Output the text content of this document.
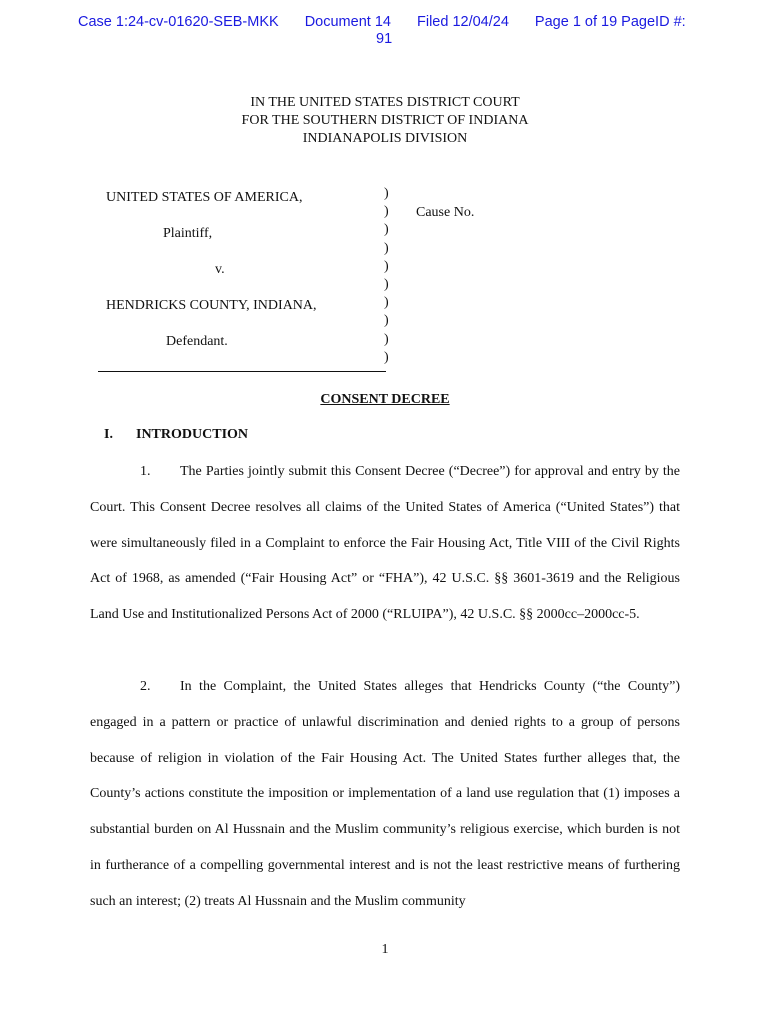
Case 1:24-cv-01620-SEB-MKK Document 14 Filed 12/04/24 Page 1 of 19 PageID #:
91
IN THE UNITED STATES DISTRICT COURT
FOR THE SOUTHERN DISTRICT OF INDIANA
INDIANAPOLIS DIVISION
UNITED STATES OF AMERICA,
Plaintiff,
v.
HENDRICKS COUNTY, INDIANA,
Defendant.
)
)
)
)
)
)
)
)
)
)
Cause No.
CONSENT DECREE
I. INTRODUCTION
1. The Parties jointly submit this Consent Decree (“Decree”) for approval and entry by the Court. This Consent Decree resolves all claims of the United States of America (“United States”) that were simultaneously filed in a Complaint to enforce the Fair Housing Act, Title VIII of the Civil Rights Act of 1968, as amended (“Fair Housing Act” or “FHA”), 42 U.S.C. §§ 3601-3619 and the Religious Land Use and Institutionalized Persons Act of 2000 (“RLUIPA”), 42 U.S.C. §§ 2000cc–2000cc-5.
2. In the Complaint, the United States alleges that Hendricks County (“the County”) engaged in a pattern or practice of unlawful discrimination and denied rights to a group of persons because of religion in violation of the Fair Housing Act. The United States further alleges that, the County’s actions constitute the imposition or implementation of a land use regulation that (1) imposes a substantial burden on Al Hussnain and the Muslim community’s religious exercise, which burden is not in furtherance of a compelling governmental interest and is not the least restrictive means of furthering such an interest; (2) treats Al Hussnain and the Muslim community
1
